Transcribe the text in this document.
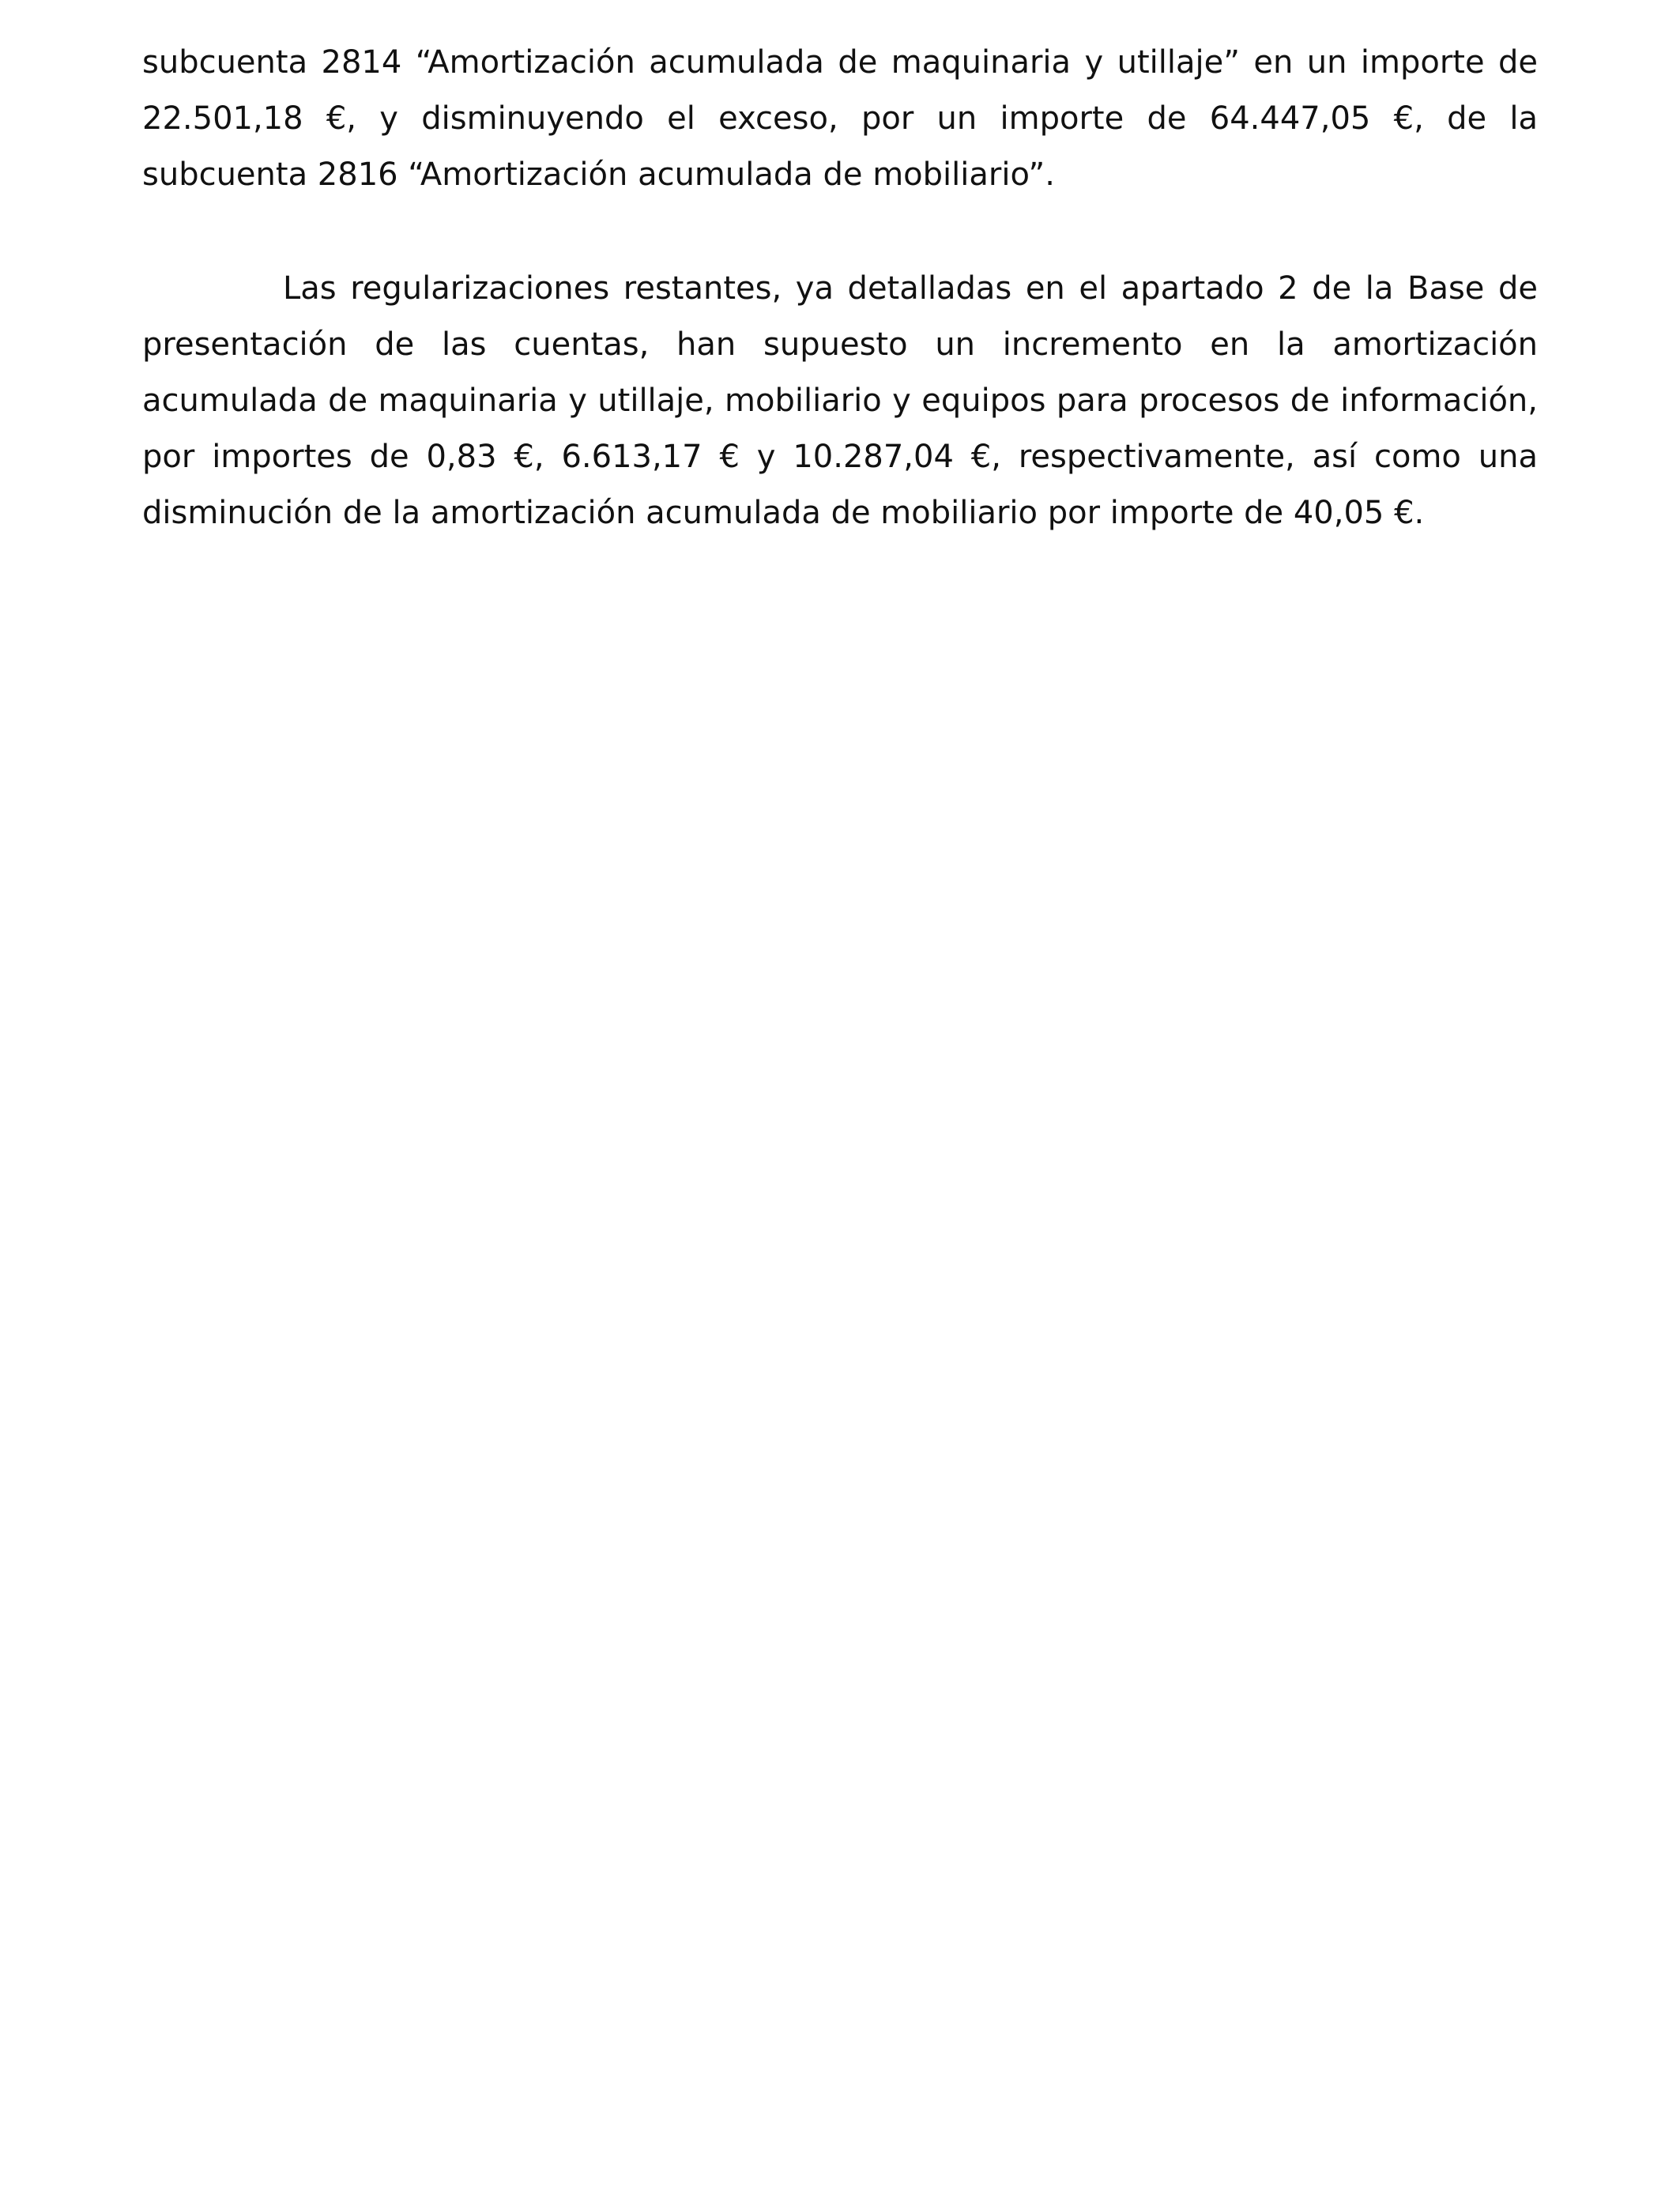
subcuenta 2814 “Amortización acumulada de maquinaria y utillaje” en un importe de 22.501,18 €, y disminuyendo el exceso, por un importe de 64.447,05 €, de la subcuenta 2816 “Amortización acumulada de mobiliario”.

Las regularizaciones restantes, ya detalladas en el apartado 2 de la Base de presentación de las cuentas, han supuesto un incremento en la amortización acumulada de maquinaria y utillaje, mobiliario y equipos para procesos de información, por importes de 0,83 €, 6.613,17 € y 10.287,04 €, respectivamente, así como una disminución de la amortización acumulada de mobiliario por importe de 40,05 €.
